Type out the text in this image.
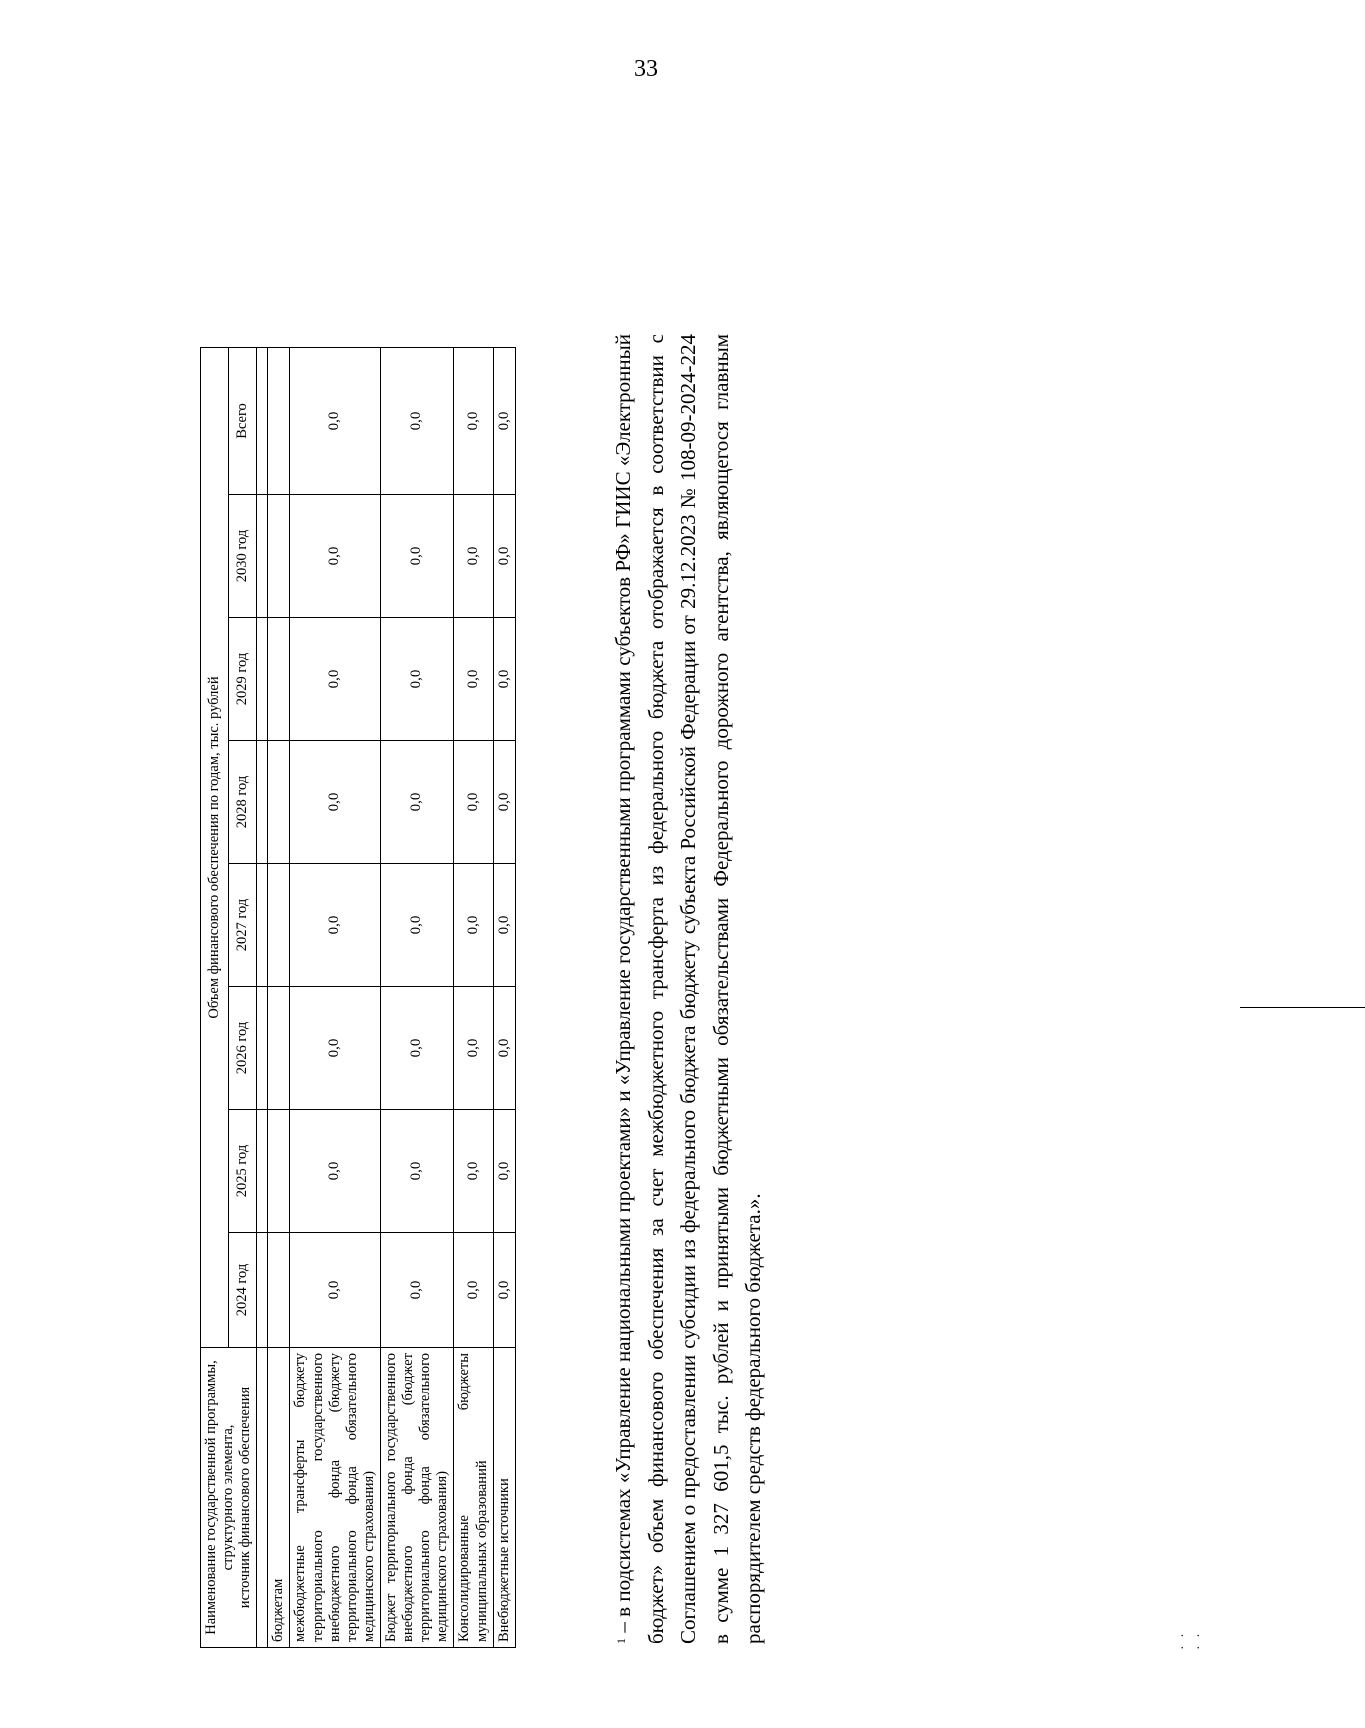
33
Наименование государственной программы,
структурного элемента,
источник финансового обеспечения	Объем финансового обеспечения по годам, тыс. рублей							
	2024 год	2025 год	2026 год	2027 год	2028 год	2029 год	2030 год	Всего

бюджетам								
межбюджетные трансферты бюджету территориального государственного внебюджетного фонда (бюджету территориального фонда обязательного медицинского страхования)	0,0	0,0	0,0	0,0	0,0	0,0	0,0	0,0
Бюджет территориального государственного внебюджетного фонда (бюджет территориального фонда обязательного медицинского страхования)	0,0	0,0	0,0	0,0	0,0	0,0	0,0	0,0
Консолидированные бюджеты муниципальных образований	0,0	0,0	0,0	0,0	0,0	0,0	0,0	0,0
Внебюджетные источники	0,0	0,0	0,0	0,0	0,0	0,0	0,0	0,0
$^1$ – в подсистемах «Управление национальными проектами» и «Управление государственными программами субъектов РФ» ГИИС «Электронный бюджет» объем финансового обеспечения за счет межбюджетного трансферта из федерального бюджета отображается в соответствии с Соглашением о предоставлении субсидии из федерального бюджета бюджету субъекта Российской Федерации от 29.12.2023 № 108-09-2024-224 в сумме 1 327 601,5 тыс. рублей и принятыми бюджетными обязательствами Федерального дорожного агентства, являющегося главным распорядителем средств федерального бюджета.».	· · · ·
